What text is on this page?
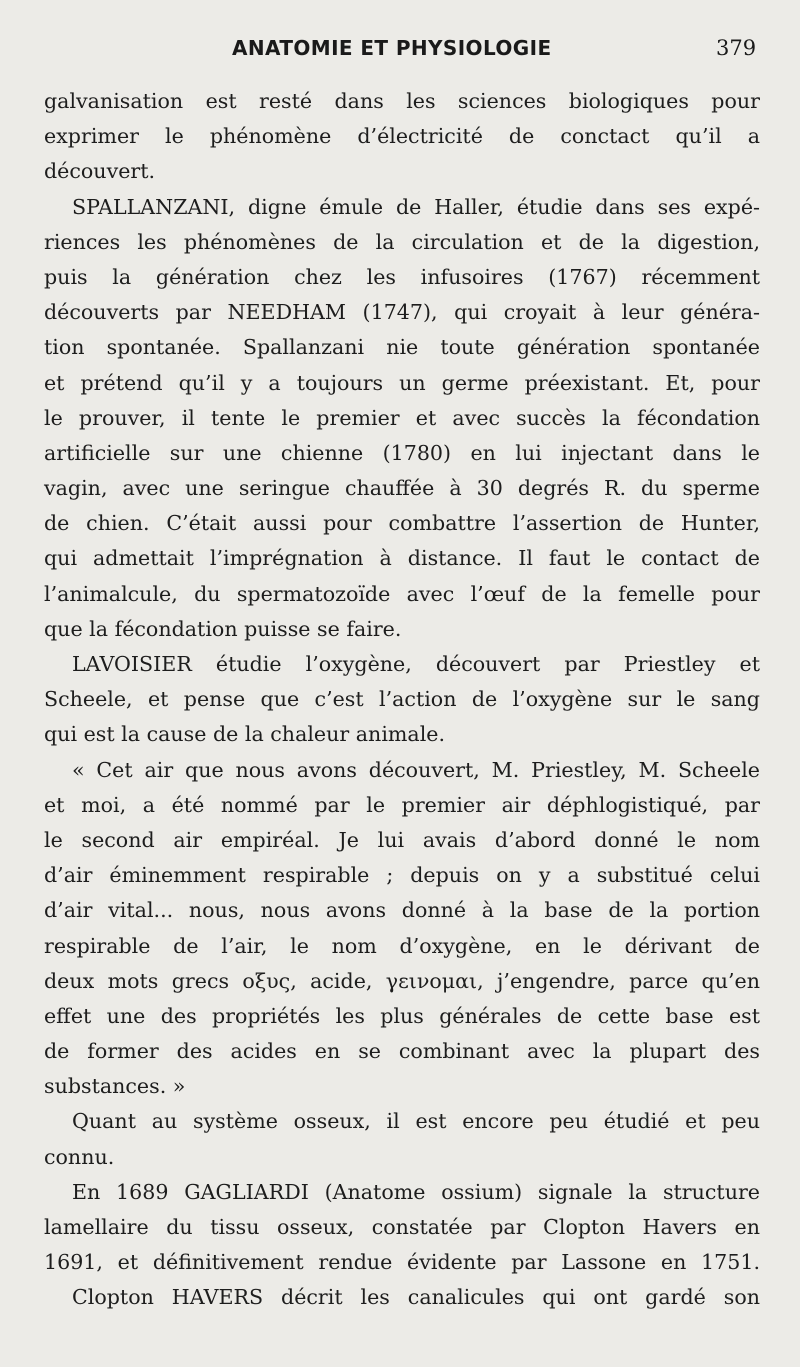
ANATOMIE ET PHYSIOLOGIE	379
galvanisation est resté dans les sciences biologiques pour
exprimer le phénomène d’électricité de conctact qu’il a
découvert.
SPALLANZANI, digne émule de Haller, étudie dans ses expé-
riences les phénomènes de la circulation et de la digestion,
puis la génération chez les infusoires (1767) récemment
découverts par NEEDHAM (1747), qui croyait à leur généra-
tion spontanée. Spallanzani nie toute génération spontanée
et prétend qu’il y a toujours un germe préexistant. Et, pour
le prouver, il tente le premier et avec succès la fécondation
artificielle sur une chienne (1780) en lui injectant dans le
vagin, avec une seringue chauffée à 30 degrés R. du sperme
de chien. C’était aussi pour combattre l’assertion de Hunter,
qui admettait l’imprégnation à distance. Il faut le contact de
l’animalcule, du spermatozoïde avec l’œuf de la femelle pour
que la fécondation puisse se faire.
LAVOISIER étudie l’oxygène, découvert par Priestley et
Scheele, et pense que c’est l’action de l’oxygène sur le sang
qui est la cause de la chaleur animale.
« Cet air que nous avons découvert, M. Priestley, M. Scheele
et moi, a été nommé par le premier air déphlogistiqué, par
le second air empiréal. Je lui avais d’abord donné le nom
d’air éminemment respirable ; depuis on y a substitué celui
d’air vital... nous, nous avons donné à la base de la portion
respirable de l’air, le nom d’oxygène, en le dérivant de
deux mots grecs οξυς, acide, γεινομαι, j’engendre, parce qu’en
effet une des propriétés les plus générales de cette base est
de former des acides en se combinant avec la plupart des
substances. »
Quant au système osseux, il est encore peu étudié et peu
connu.
En 1689 GAGLIARDI (Anatome ossium) signale la structure
lamellaire du tissu osseux, constatée par Clopton Havers en
1691, et définitivement rendue évidente par Lassone en 1751.
Clopton HAVERS décrit les canalicules qui ont gardé son
